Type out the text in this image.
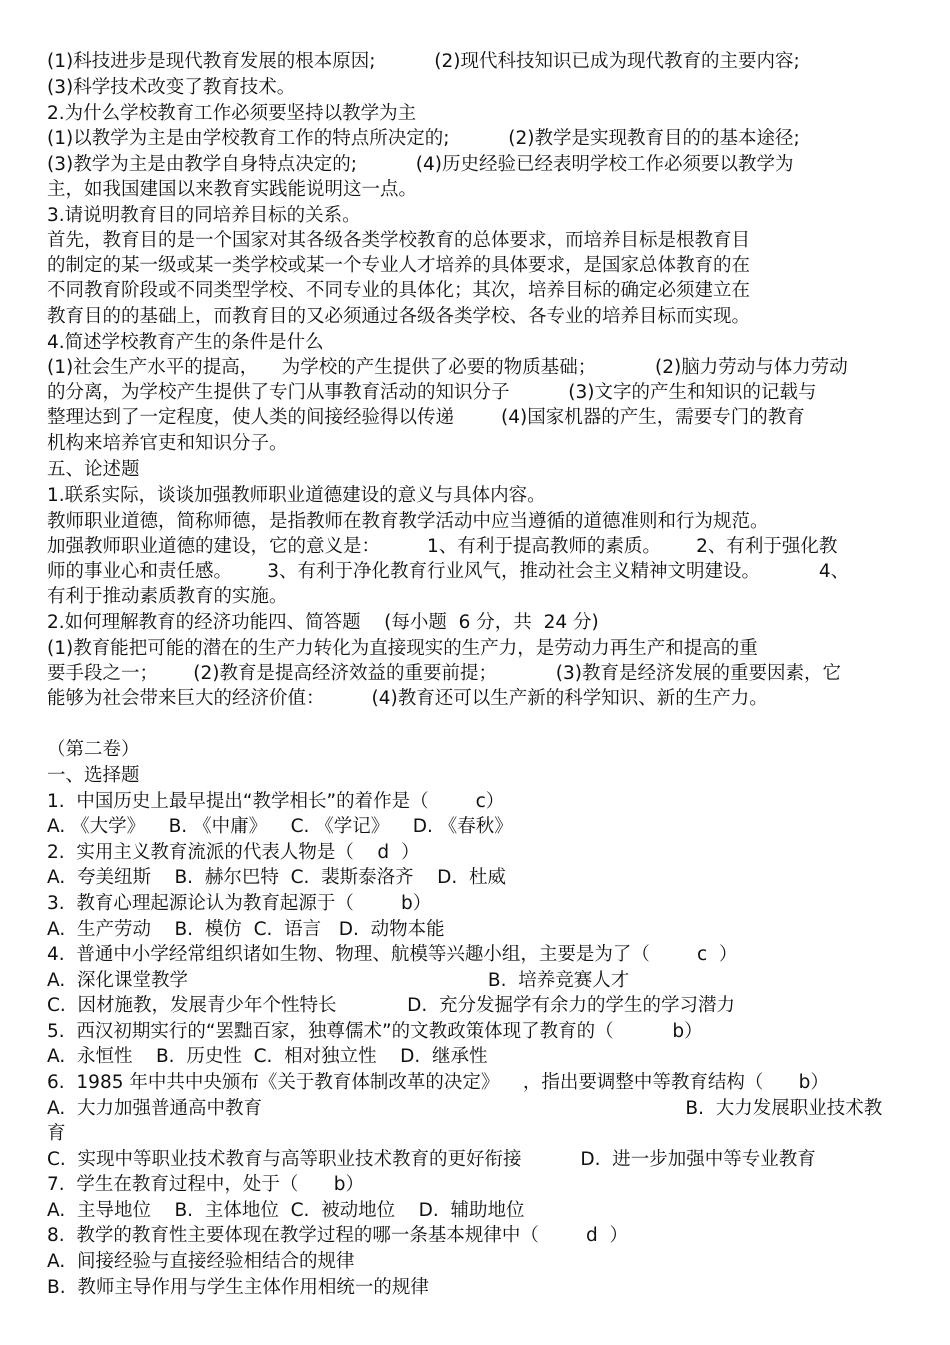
(1)科技进步是现代教育发展的根本原因;          (2)现代科技知识已成为现代教育的主要内容;
(3)科学技术改变了教育技术。
2.为什么学校教育工作必须要坚持以教学为主
(1)以教学为主是由学校教育工作的特点所决定的;          (2)教学是实现教育目的的基本途径;
(3)教学为主是由教学自身特点决定的;          (4)历史经验已经表明学校工作必须要以教学为
主，如我国建国以来教育实践能说明这一点。
3.请说明教育目的同培养目标的关系。
首先，教育目的是一个国家对其各级各类学校教育的总体要求，而培养目标是根教育目
的制定的某一级或某一类学校或某一个专业人才培养的具体要求，是国家总体教育的在
不同教育阶段或不同类型学校、不同专业的具体化；其次，培养目标的确定必须建立在
教育目的的基础上，而教育目的又必须通过各级各类学校、各专业的培养目标而实现。
4.简述学校教育产生的条件是什么
(1)社会生产水平的提高，    为学校的产生提供了必要的物质基础；          (2)脑力劳动与体力劳动
的分离，为学校产生提供了专门从事教育活动的知识分子          (3)文字的产生和知识的记载与
整理达到了一定程度，使人类的间接经验得以传递        (4)国家机器的产生，需要专门的教育
机构来培养官吏和知识分子。
五、论述题
1.联系实际，谈谈加强教师职业道德建设的意义与具体内容。
教师职业道德，简称师德，是指教师在教育教学活动中应当遵循的道德准则和行为规范。
加强教师职业道德的建设，它的意义是：        1、有利于提高教师的素质。      2、有利于强化教
师的事业心和责任感。      3、有利于净化教育行业风气，推动社会主义精神文明建设。          4、
有利于推动素质教育的实施。
2.如何理解教育的经济功能四、简答题    (每小题  6 分，共  24 分)
(1)教育能把可能的潜在的生产力转化为直接现实的生产力，是劳动力再生产和提高的重
要手段之一；      (2)教育是提高经济效益的重要前提；          (3)教育是经济发展的重要因素，它
能够为社会带来巨大的经济价值：        (4)教育还可以生产新的科学知识、新的生产力。
（第二卷）
一、选择题
1.  中国历史上最早提出“教学相长”的着作是（        c）
A. 《大学》    B. 《中庸》    C. 《学记》    D. 《春秋》
2.  实用主义教育流派的代表人物是（    d  ）
A.  夸美纽斯    B.  赫尔巴特  C.  裴斯泰洛齐    D.  杜威
3.  教育心理起源论认为教育起源于（        b）
A.  生产劳动    B.  模仿  C.  语言   D.  动物本能
4.  普通中小学经常组织诸如生物、物理、航模等兴趣小组，主要是为了（        c  ）
A.  深化课堂教学                                                   B.  培养竞赛人才
C.  因材施教，发展青少年个性特长            D.  充分发掘学有余力的学生的学习潜力
5.  西汉初期实行的“罢黜百家，独尊儒术”的文教政策体现了教育的（          b）
A.  永恒性    B.  历史性  C.  相对独立性    D.  继承性
6.  1985 年中共中央颁布《关于教育体制改革的决定》    ，指出要调整中等教育结构（      b）
A.  大力加强普通高中教育                                                                        B.  大力发展职业技术教
育
C.  实现中等职业技术教育与高等职业技术教育的更好衔接          D.  进一步加强中等专业教育
7.  学生在教育过程中，处于（      b）
A.  主导地位    B.  主体地位  C.  被动地位    D.  辅助地位
8.  教学的教育性主要体现在教学过程的哪一条基本规律中（        d  ）
A.  间接经验与直接经验相结合的规律
B.  教师主导作用与学生主体作用相统一的规律
